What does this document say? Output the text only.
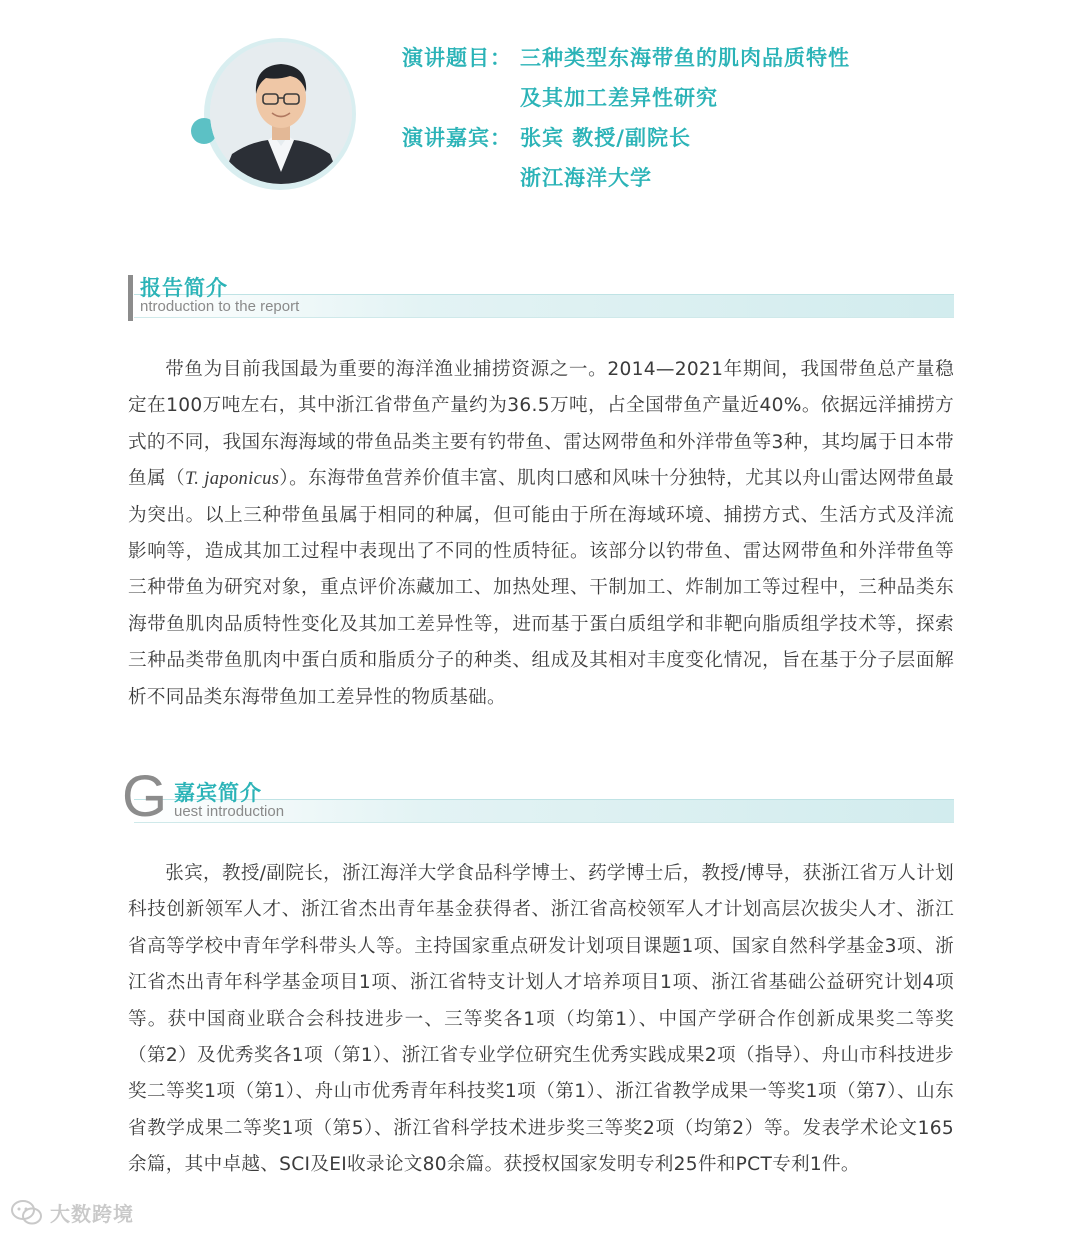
演讲题目： 三种类型东海带鱼的肌肉品质特性
及其加工差异性研究
演讲嘉宾： 张宾 教授/副院长
浙江海洋大学
报告简介
ntroduction to the report
带鱼为目前我国最为重要的海洋渔业捕捞资源之一。2014—2021年期间，我国带鱼总产量稳定在100万吨左右，其中浙江省带鱼产量约为36.5万吨，占全国带鱼产量近40%。依据远洋捕捞方式的不同，我国东海海域的带鱼品类主要有钓带鱼、雷达网带鱼和外洋带鱼等3种，其均属于日本带鱼属（T. japonicus）。东海带鱼营养价值丰富、肌肉口感和风味十分独特，尤其以舟山雷达网带鱼最为突出。以上三种带鱼虽属于相同的种属，但可能由于所在海域环境、捕捞方式、生活方式及洋流影响等，造成其加工过程中表现出了不同的性质特征。该部分以钓带鱼、雷达网带鱼和外洋带鱼等三种带鱼为研究对象，重点评价冻藏加工、加热处理、干制加工、炸制加工等过程中，三种品类东海带鱼肌肉品质特性变化及其加工差异性等，进而基于蛋白质组学和非靶向脂质组学技术等，探索三种品类带鱼肌肉中蛋白质和脂质分子的种类、组成及其相对丰度变化情况，旨在基于分子层面解析不同品类东海带鱼加工差异性的物质基础。
G 嘉宾简介
uest introduction
张宾，教授/副院长，浙江海洋大学食品科学博士、药学博士后，教授/博导，获浙江省万人计划科技创新领军人才、浙江省杰出青年基金获得者、浙江省高校领军人才计划高层次拔尖人才、浙江省高等学校中青年学科带头人等。主持国家重点研发计划项目课题1项、国家自然科学基金3项、浙江省杰出青年科学基金项目1项、浙江省特支计划人才培养项目1项、浙江省基础公益研究计划4项等。获中国商业联合会科技进步一、三等奖各1项（均第1）、中国产学研合作创新成果奖二等奖（第2）及优秀奖各1项（第1）、浙江省专业学位研究生优秀实践成果2项（指导）、舟山市科技进步奖二等奖1项（第1）、舟山市优秀青年科技奖1项（第1）、浙江省教学成果一等奖1项（第7）、山东省教学成果二等奖1项（第5）、浙江省科学技术进步奖三等奖2项（均第2）等。发表学术论文165余篇，其中卓越、SCI及EI收录论文80余篇。获授权国家发明专利25件和PCT专利1件。
大数跨境
